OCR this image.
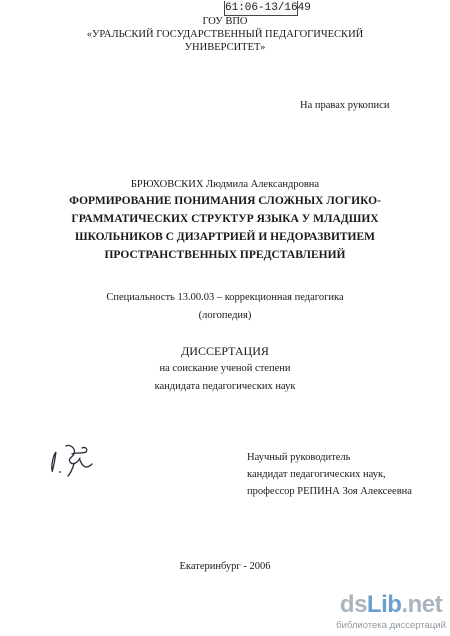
61:06-13/1649
ГОУ ВПО
«УРАЛЬСКИЙ ГОСУДАРСТВЕННЫЙ ПЕДАГОГИЧЕСКИЙ
УНИВЕРСИТЕТ»
На правах рукописи
БРЮХОВСКИХ Людмила Александровна
ФОРМИРОВАНИЕ ПОНИМАНИЯ СЛОЖНЫХ ЛОГИКО-
ГРАММАТИЧЕСКИХ СТРУКТУР ЯЗЫКА У МЛАДШИХ
ШКОЛЬНИКОВ С ДИЗАРТРИЕЙ И НЕДОРАЗВИТИЕМ
ПРОСТРАНСТВЕННЫХ ПРЕДСТАВЛЕНИЙ
Специальность 13.00.03 – коррекционная педагогика
(логопедия)
ДИССЕРТАЦИЯ
на соискание ученой степени
кандидата педагогических наук
Научный руководитель
кандидат педагогических наук,
профессор РЕПИНА Зоя Алексеевна
Екатеринбург - 2006
dsLib.net
библиотека диссертаций
